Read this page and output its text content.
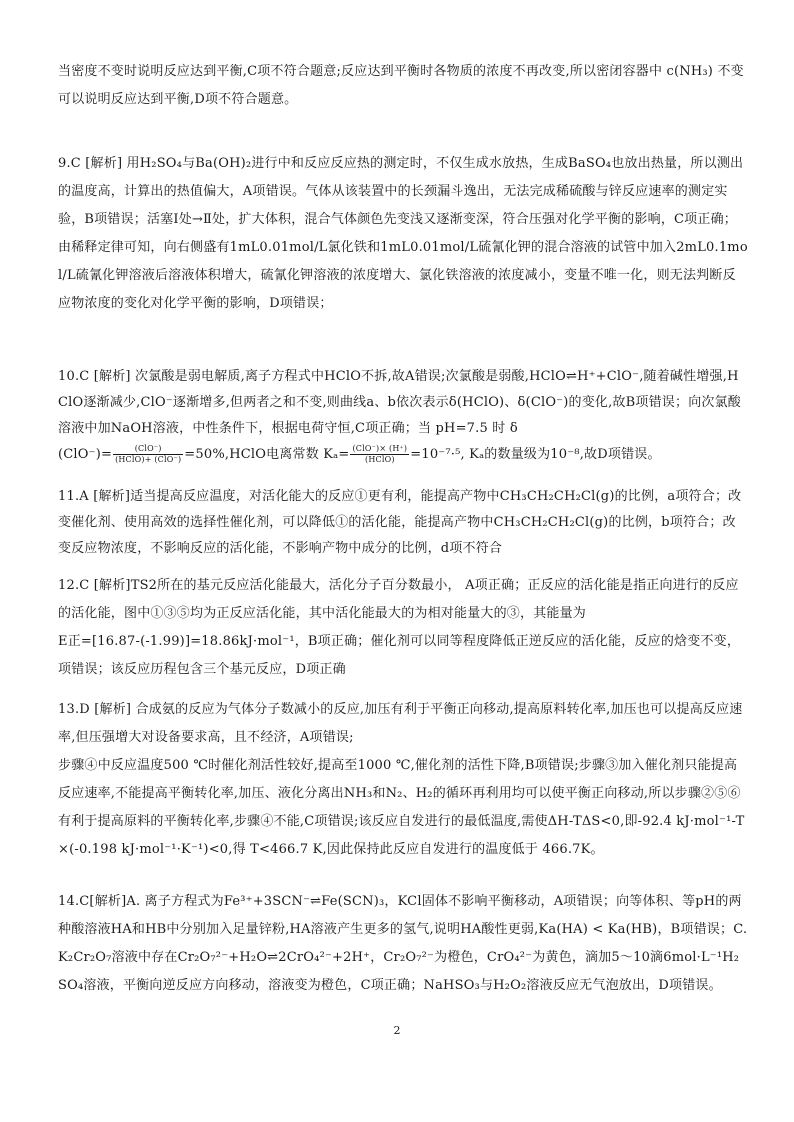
当密度不变时说明反应达到平衡,C项不符合题意;反应达到平衡时各物质的浓度不再改变,所以密闭容器中 c(NH₃) 不变可以说明反应达到平衡,D项不符合题意。
9.C [解析] 用H₂SO₄与Ba(OH)₂进行中和反应反应热的测定时，不仅生成水放热，生成BaSO₄也放出热量，所以测出的温度高，计算出的热值偏大，A项错误。气体从该装置中的长颈漏斗逸出，无法完成稀硫酸与锌反应速率的测定实验，B项错误；活塞Ⅰ处→Ⅱ处，扩大体积，混合气体颜色先变浅又逐渐变深，符合压强对化学平衡的影响，C项正确；由稀释定律可知，向右侧盛有1mL0.01mol/L氯化铁和1mL0.01mol/L硫氰化钾的混合溶液的试管中加入2mL0.1mol/L硫氰化钾溶液后溶液体积增大，硫氰化钾溶液的浓度增大、氯化铁溶液的浓度减小，变量不唯一化，则无法判断反应物浓度的变化对化学平衡的影响，D项错误；
10.C [解析] 次氯酸是弱电解质,离子方程式中HClO不拆,故A错误;次氯酸是弱酸,HClO⇌H⁺+ClO⁻,随着碱性增强,HClO逐渐减少,ClO⁻逐渐增多,但两者之和不变,则曲线a、b依次表示δ(HClO)、δ(ClO⁻)的变化,故B项错误；向次氯酸溶液中加NaOH溶液，中性条件下，根据电荷守恒,C项正确；当 pH=7.5 时 δ
$(ClO^-)= \frac{\text{(ClO⁻)}}{\text{(HClO)+ (ClO⁻)}}$ =50%,HClO电离常数 $K_a= \frac{\text{(ClO⁻)× (H⁺)}}{\text{(HClO)}} =10^{-7}\cdot^5$, Kₐ的数量级为10⁻⁸,故D项错误。
11.A [解析]适当提高反应温度，对活化能大的反应①更有利，能提高产物中CH₃CH₂CH₂Cl(g)的比例，a项符合；改变催化剂、使用高效的选择性催化剂，可以降低①的活化能，能提高产物中CH₃CH₂CH₂Cl(g)的比例，b项符合；改变反应物浓度，不影响反应的活化能，不影响产物中成分的比例，d项不符合
12.C [解析]TS2所在的基元反应活化能最大，活化分子百分数最小， A项正确；正反应的活化能是指正向进行的反应的活化能，图中①③⑤均为正反应活化能，其中活化能最大的为相对能量大的③，其能量为
E正=[16.87-(-1.99)]=18.86kJ·mol⁻¹，B项正确；催化剂可以同等程度降低正逆反应的活化能，反应的焓变不变，项错误；该反应历程包含三个基元反应，D项正确
13.D [解析] 合成氨的反应为气体分子数减小的反应,加压有利于平衡正向移动,提高原料转化率,加压也可以提高反应速率,但压强增大对设备要求高，且不经济，A项错误;
步骤④中反应温度500 ℃时催化剂活性较好,提高至1000 ℃,催化剂的活性下降,B项错误;步骤③加入催化剂只能提高反应速率,不能提高平衡转化率,加压、液化分离出NH₃和N₂、H₂的循环再利用均可以使平衡正向移动,所以步骤②⑤⑥有利于提高原料的平衡转化率,步骤④不能,C项错误;该反应自发进行的最低温度,需使ΔH-TΔS<0,即-92.4 kJ·mol⁻¹-T×(-0.198 kJ·mol⁻¹·K⁻¹)<0,得 T<466.7 K,因此保持此反应自发进行的温度低于 466.7K。
14.C[解析]A. 离子方程式为Fe³⁺+3SCN⁻⇌Fe(SCN)₃，KCl固体不影响平衡移动，A项错误；向等体积、等pH的两种酸溶液HA和HB中分别加入足量锌粉,HA溶液产生更多的氢气,说明HA酸性更弱,Ka(HA) < Ka(HB)，B项错误；C. K₂Cr₂O₇溶液中存在Cr₂O₇²⁻+H₂O⇌2CrO₄²⁻+2H⁺，Cr₂O₇²⁻为橙色，CrO₄²⁻为黄色，滴加5～10滴6mol·L⁻¹H₂SO₄溶液，平衡向逆反应方向移动，溶液变为橙色，C项正确；NaHSO₃与H₂O₂溶液反应无气泡放出，D项错误。
2
